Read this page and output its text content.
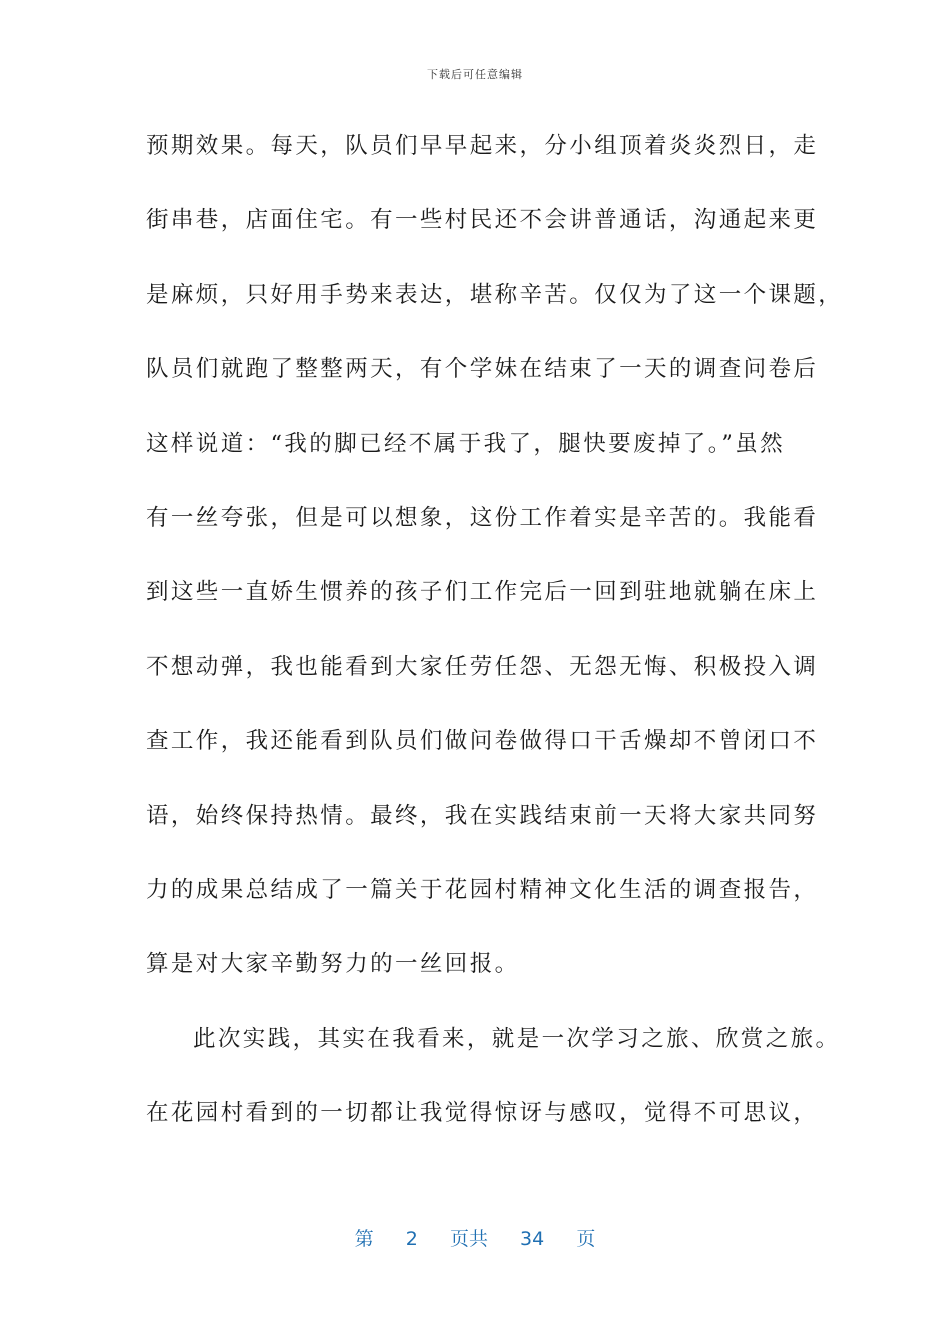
下载后可任意编辑
预期效果。每天，队员们早早起来，分小组顶着炎炎烈日，走
街串巷，店面住宅。有一些村民还不会讲普通话，沟通起来更
是麻烦，只好用手势来表达，堪称辛苦。仅仅为了这一个课题，
队员们就跑了整整两天，有个学妹在结束了一天的调查问卷后
这样说道：“我的脚已经不属于我了，腿快要废掉了。”虽然
有一丝夸张，但是可以想象，这份工作着实是辛苦的。我能看
到这些一直娇生惯养的孩子们工作完后一回到驻地就躺在床上
不想动弹，我也能看到大家任劳任怨、无怨无悔、积极投入调
查工作，我还能看到队员们做问卷做得口干舌燥却不曾闭口不
语，始终保持热情。最终，我在实践结束前一天将大家共同努
力的成果总结成了一篇关于花园村精神文化生活的调查报告，
算是对大家辛勤努力的一丝回报。
此次实践，其实在我看来，就是一次学习之旅、欣赏之旅。
在花园村看到的一切都让我觉得惊讶与感叹，觉得不可思议，
第 2 页共 34 页
